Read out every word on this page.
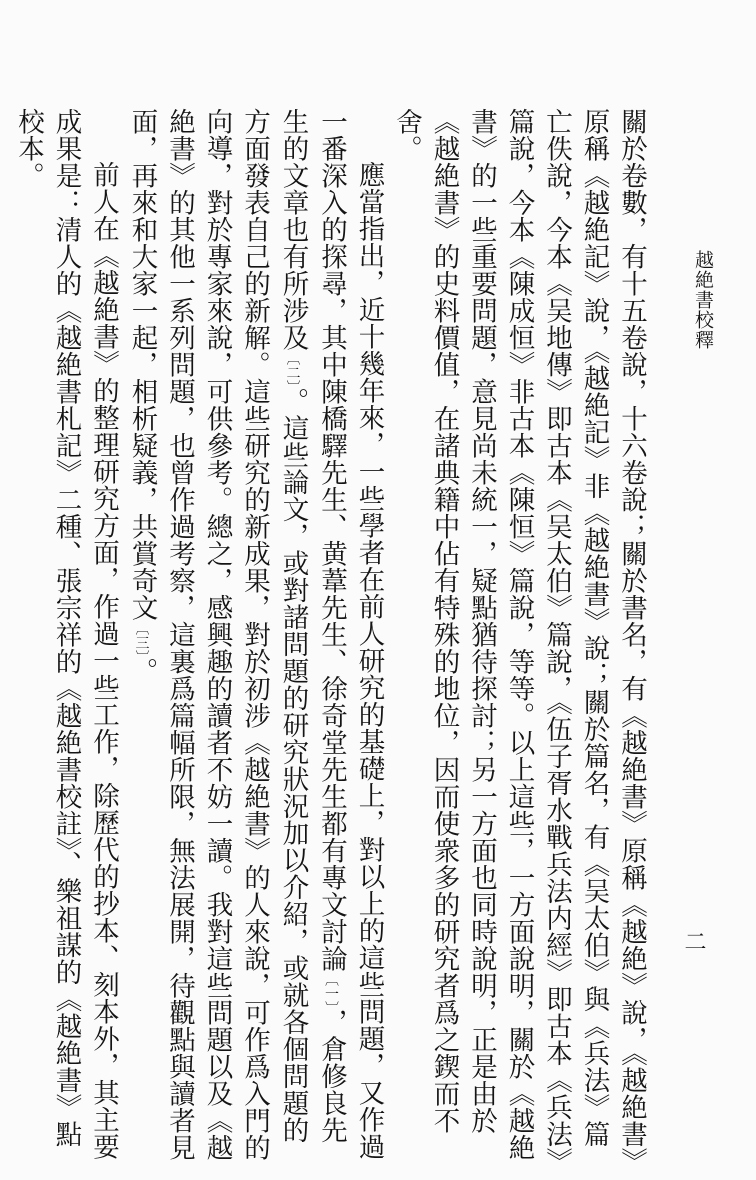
越絶書校釋
二

關於卷數，有十五卷說，十六卷說；關於書名，有《越絶書》原稱《越絶》說，《越絶書》原稱《越絶記》說，《越絶記》非《越絶書》說；關於篇名，有《吴太伯》與《兵法》篇亡佚說，今本《吴地傳》即古本《吴太伯》篇說，《伍子胥水戰兵法内經》即古本《兵法》篇說，今本《陳成恒》非古本《陳恒》篇說，等等。以上這些，一方面說明，關於《越絶書》的一些重要問題，意見尚未統一，疑點猶待探討；另一方面也同時說明，正是由於《越絶書》的史料價值，在諸典籍中佔有特殊的地位，因而使衆多的研究者爲之鍥而不舍。

應當指出，近十幾年來，一些學者在前人研究的基礎上，對以上的這些問題，又作過一番深入的探尋，其中陳橋驛先生、黄葦先生、徐奇堂先生都有專文討論〔一〕，倉修良先生的文章也有所涉及〔二〕。這些論文，或對諸問題的研究狀況加以介紹，或就各個問題的方面發表自己的新解。這些研究的新成果，對於初涉《越絶書》的人來說，可作爲入門的向導，對於專家來說，可供參考。總之，感興趣的讀者不妨一讀。我對這些問題以及《越絶書》的其他一系列問題，也曾作過考察，這裏爲篇幅所限，無法展開，待觀點與讀者見面，再來和大家一起，相析疑義，共賞奇文〔三〕。

前人在《越絶書》的整理研究方面，作過一些工作，除歷代的抄本、刻本外，其主要成果是：清人的《越絶書札記》二種、張宗祥的《越絶書校註》、樂祖謀的《越絶書》點校本。
